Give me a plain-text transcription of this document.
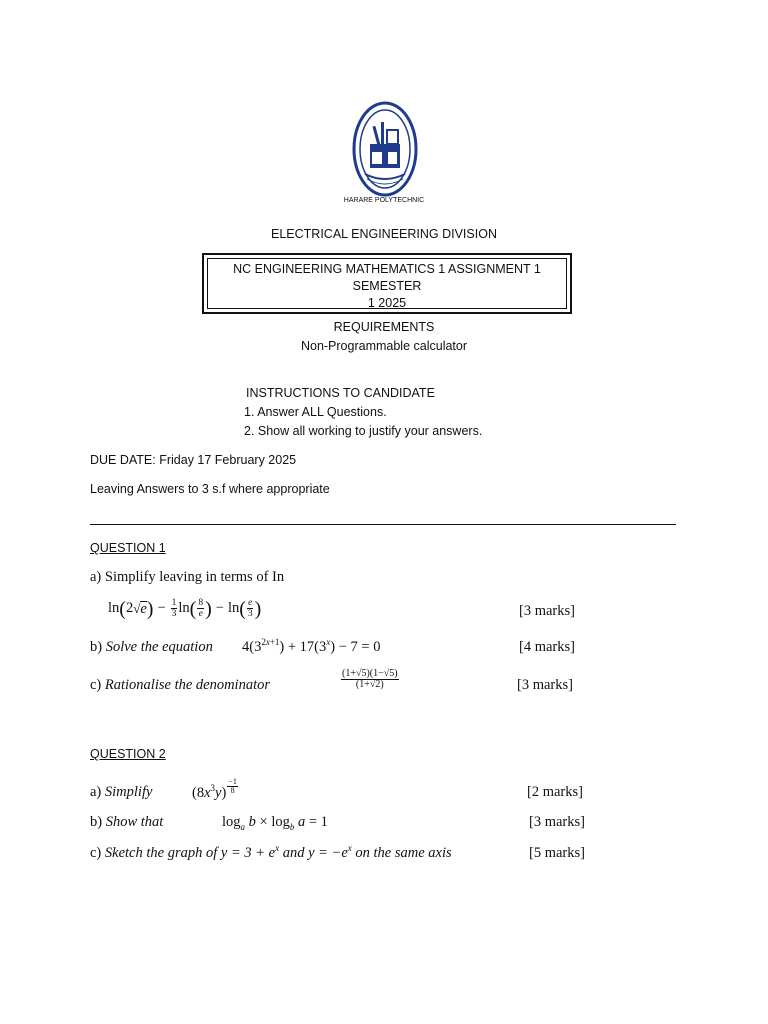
HARARE POLYTECHNIC
ELECTRICAL ENGINEERING DIVISION
NC ENGINEERING MATHEMATICS 1 ASSIGNMENT 1 SEMESTER
1 2025
REQUIREMENTS
Non-Programmable calculator
INSTRUCTIONS TO CANDIDATE
1. Answer ALL Questions.
2. Show all working to justify your answers.
DUE DATE: Friday 17 February 2025
Leaving Answers to 3 s.f where appropriate
QUESTION 1
a) Simplify leaving in terms of In
ln ( 2 √ e ) − $\frac{1}{3}$ ln ( $\frac{8}{e}$ ) − ln ( $\frac{e}{3}$ )	[3 marks]
b) Solve the equation $4(3^{2x+1}) + 17(3^x) - 7 = 0$	[4 marks]
c) Rationalise the denominator	$\frac{(1+√5)(1-√5)}{(1+√2)}$	[3 marks]
QUESTION 2
a) Simplify	$(8x^3y) \frac{-1}{8}$	[2 marks]
b) Show that	$\log_a b \times \log_b a = 1$	[3 marks]
c) Sketch the graph of $y = 3 + e^x$ and $y = -e^x$ on the same axis	[5 marks]
